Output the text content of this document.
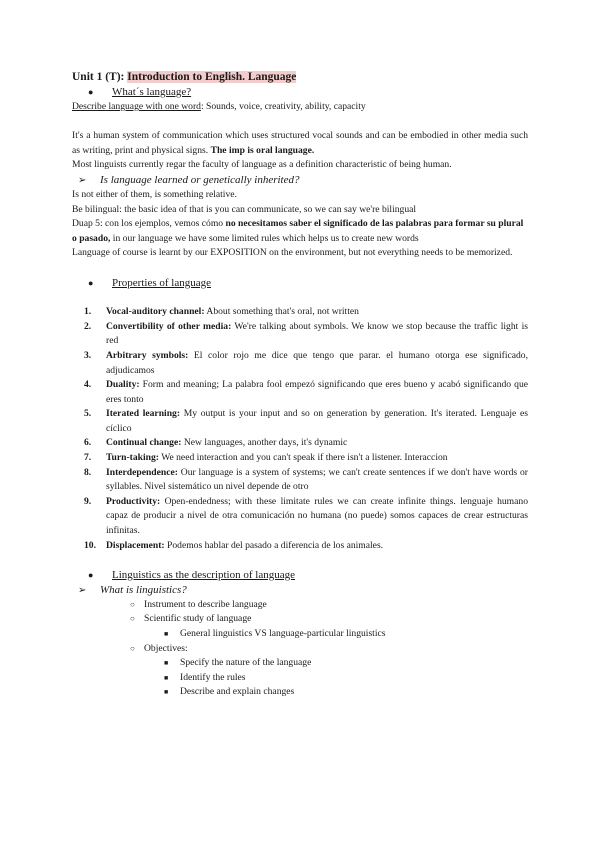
Unit 1 (T): Introduction to English. Language

● What´s language?

Describe language with one word: Sounds, voice, creativity, ability, capacity

It's a human system of communication which uses structured vocal sounds and can be embodied in other media such as writing, print and physical signs. The imp is oral language.

Most linguists currently regar the faculty of language as a definition characteristic of being human.

➢ Is language learned or genetically inherited?

Is not either of them, is something relative.

Be bilingual: the basic idea of that is you can communicate, so we can say we're bilingual

Duap 5: con los ejemplos, vemos cómo no necesitamos saber el significado de las palabras para formar su plural o pasado, in our language we have some limited rules which helps us to create new words

Language of course is learnt by our EXPOSITION on the environment, but not everything needs to be memorized.

● Properties of language
1.	Vocal-auditory channel: About something that's oral, not written
2.	Convertibility of other media: We're talking about symbols. We know we stop because the traffic light is red
3.	Arbitrary symbols: El color rojo me dice que tengo que parar. el humano otorga ese significado, adjudicamos
4.	Duality: Form and meaning; La palabra fool empezó significando que eres bueno y acabó significando que eres tonto
5.	Iterated learning: My output is your input and so on generation by generation. It's iterated. Lenguaje es cíclico
6.	Continual change: New languages, another days, it's dynamic
7.	Turn-taking: We need interaction and you can't speak if there isn't a listener. Interaccion
8.	Interdependence: Our language is a system of systems; we can't create sentences if we don't have words or syllables. Nivel sistemático un nivel depende de otro
9.	Productivity: Open-endedness; with these limitate rules we can create infinite things. lenguaje humano capaz de producir a nivel de otra comunicación no humana (no puede) somos capaces de crear estructuras infinitas.
10.	Displacement: Podemos hablar del pasado a diferencia de los animales.
● Linguistics as the description of language
➢ What is linguistics?
○ Instrument to describe language
○ Scientific study of language
■ General linguistics VS language-particular linguistics
○ Objectives:
■ Specify the nature of the language
■ Identify the rules
■ Describe and explain changes
